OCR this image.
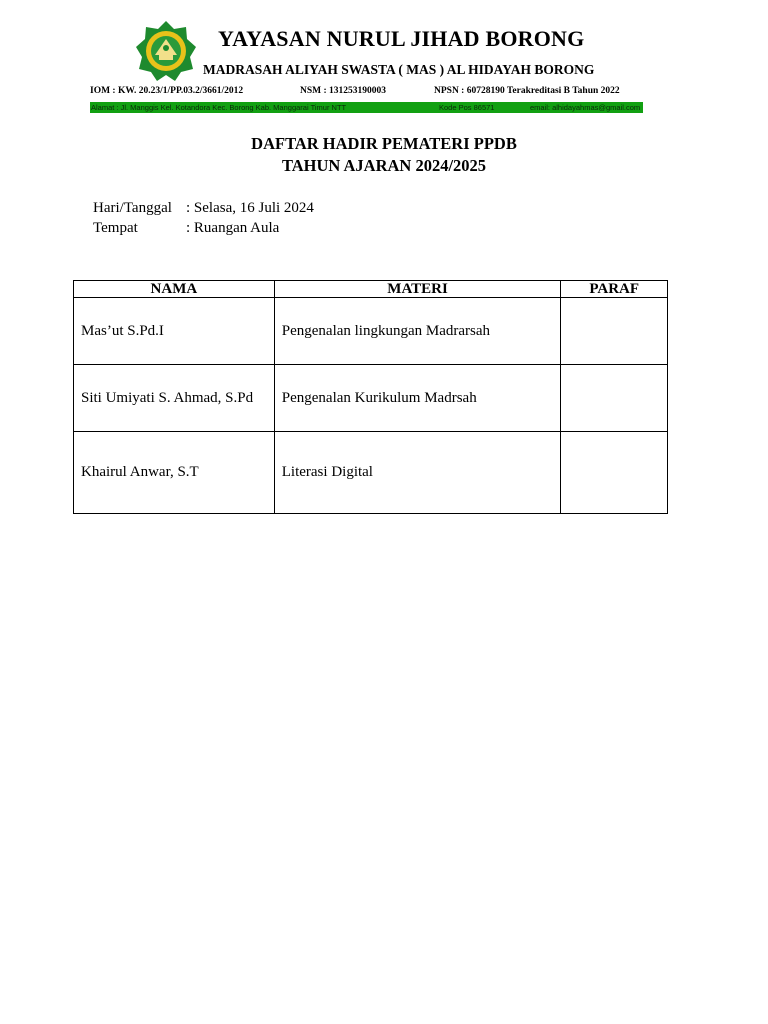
YAYASAN NURUL JIHAD BORONG
MADRASAH ALIYAH SWASTA ( MAS ) AL HIDAYAH BORONG
IOM : KW. 20.23/1/PP.03.2/3661/2012	NSM : 131253190003	NPSN : 60728190 Terakreditasi B Tahun 2022
Alamat : Jl. Manggis Kel. Kotandora Kec. Borong Kab. Manggarai Timur NTT	Kode Pos 86571	email: alhidayahmas@gmail.com
DAFTAR HADIR PEMATERI PPDB
TAHUN AJARAN 2024/2025
Hari/Tanggal : Selasa, 16 Juli 2024
Tempat	: Ruangan Aula
NAMA	MATERI	PARAF
Mas’ut S.Pd.I	Pengenalan lingkungan Madrarsah	
Siti Umiyati S. Ahmad, S.Pd	Pengenalan Kurikulum Madrsah	
Khairul Anwar, S.T	Literasi Digital	
